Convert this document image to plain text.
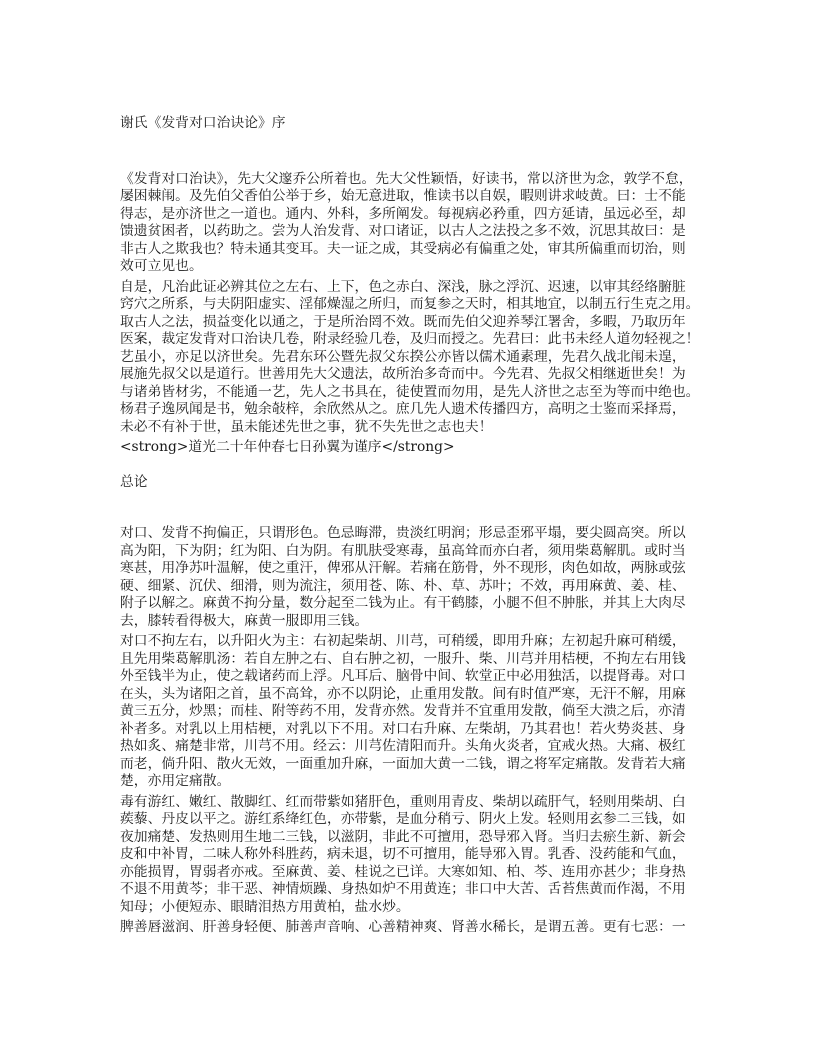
谢氏《发背对口治诀论》序
《发背对口治诀》，先大父邃乔公所着也。先大父性颖悟，好读书，常以济世为念，敦学不怠，
屡困棘闱。及先伯父香伯公举于乡，始无意进取，惟读书以自娱，暇则讲求岐黄。曰：士不能
得志，是亦济世之一道也。通内、外科，多所阐发。每视病必矜重，四方延请，虽远必至，却
馈遗贫困者，以药助之。尝为人治发背、对口诸证，以古人之法投之多不效，沉思其故曰：是
非古人之欺我也？特未通其变耳。夫一证之成，其受病必有偏重之处，审其所偏重而切治，则
效可立见也。
自是，凡治此证必辨其位之左右、上下，色之赤白、深浅，脉之浮沉、迟速，以审其经络腑脏
窍穴之所系，与夫阴阳虚实、淫郁燥湿之所归，而复参之天时，相其地宜，以制五行生克之用。
取古人之法，损益变化以通之，于是所治罔不效。既而先伯父迎养琴江署舍，多暇，乃取历年
医案，裁定发背对口治诀几卷，附录经验几卷，及归而授之。先君曰：此书未经人道勿轻视之！
艺虽小，亦足以济世矣。先君东环公暨先叔父东揆公亦皆以儒术通素理，先君久战北闱未遑，
展施先叔父以是道行。世善用先大父遗法，故所治多奇而中。今先君、先叔父相继逝世矣！为
与诸弟皆材劣，不能通一艺，先人之书具在，徒使置而勿用，是先人济世之志至为等而中绝也。
杨君子逸夙闻是书，勉余敧梓，余欣然从之。庶几先人遗术传播四方，高明之士鉴而采择焉，
未必不有补于世，虽未能述先世之事，犹不失先世之志也夫！
<strong>道光二十年仲春七日孙翼为谨序</strong>
总论
对口、发背不拘偏正，只谓形色。色忌晦滞，贵淡红明润；形忌歪邪平塌，要尖圆高突。所以
高为阳，下为阴；红为阳、白为阴。有肌肤受寒毒，虽高耸而亦白者，须用柴葛解肌。或时当
寒甚，用净苏叶温解，使之重汗，俾邪从汗解。若痛在筋骨，外不现形，肉色如故，两脉或弦
硬、细紧、沉伏、细滑，则为流注，须用苍、陈、朴、草、苏叶；不效，再用麻黄、姜、桂、
附子以解之。麻黄不拘分量，数分起至二钱为止。有干鹤膝，小腿不但不肿胀，并其上大肉尽
去，膝转看得极大，麻黄一服即用三钱。
对口不拘左右，以升阳火为主：右初起柴胡、川芎，可稍缓，即用升麻；左初起升麻可稍缓，
且先用柴葛解肌汤：若自左肿之右、自右肿之初，一服升、柴、川芎并用桔梗，不拘左右用钱
外至钱半为止，使之载诸药而上浮。凡耳后、脑骨中间、软堂正中必用独活，以提肾毒。对口
在头，头为诸阳之首，虽不高耸，亦不以阴论，止重用发散。间有时值严寒，无汗不解，用麻
黄三五分，炒黑；而桂、附等药不用，发背亦然。发背并不宜重用发散，倘至大溃之后，亦清
补者多。对乳以上用桔梗，对乳以下不用。对口右升麻、左柴胡，乃其君也！若火势炎甚、身
热如炙、痛楚非常，川芎不用。经云：川芎佐清阳而升。头角火炎者，宜戒火热。大痛、极红
而老，倘升阳、散火无效，一面重加升麻，一面加大黄一二钱，谓之将军定痛散。发背若大痛
楚，亦用定痛散。
毒有游红、嫩红、散脚红、红而带紫如猪肝色，重则用青皮、柴胡以疏肝气，轻则用柴胡、白
蒺藜、丹皮以平之。游红系绛红色，亦带紫，是血分稍亏、阴火上发。轻则用玄参二三钱，如
夜加痛楚、发热则用生地二三钱，以滋阴，非此不可擅用，恐导邪入肾。当归去瘀生新、新会
皮和中补胃，二味人称外科胜药，病未退，切不可擅用，能导邪入胃。乳香、没药能和气血，
亦能损胃，胃弱者亦戒。至麻黄、姜、桂说之已详。大寒如知、柏、芩、连用亦甚少；非身热
不退不用黄芩；非干恶、神情烦躁、身热如炉不用黄连；非口中大苦、舌苔焦黄而作渴，不用
知母；小便短赤、眼睛泪热方用黄柏，盐水炒。
脾善唇滋润、肝善身轻便、肺善声音响、心善精神爽、肾善水稀长，是谓五善。更有七恶：一
